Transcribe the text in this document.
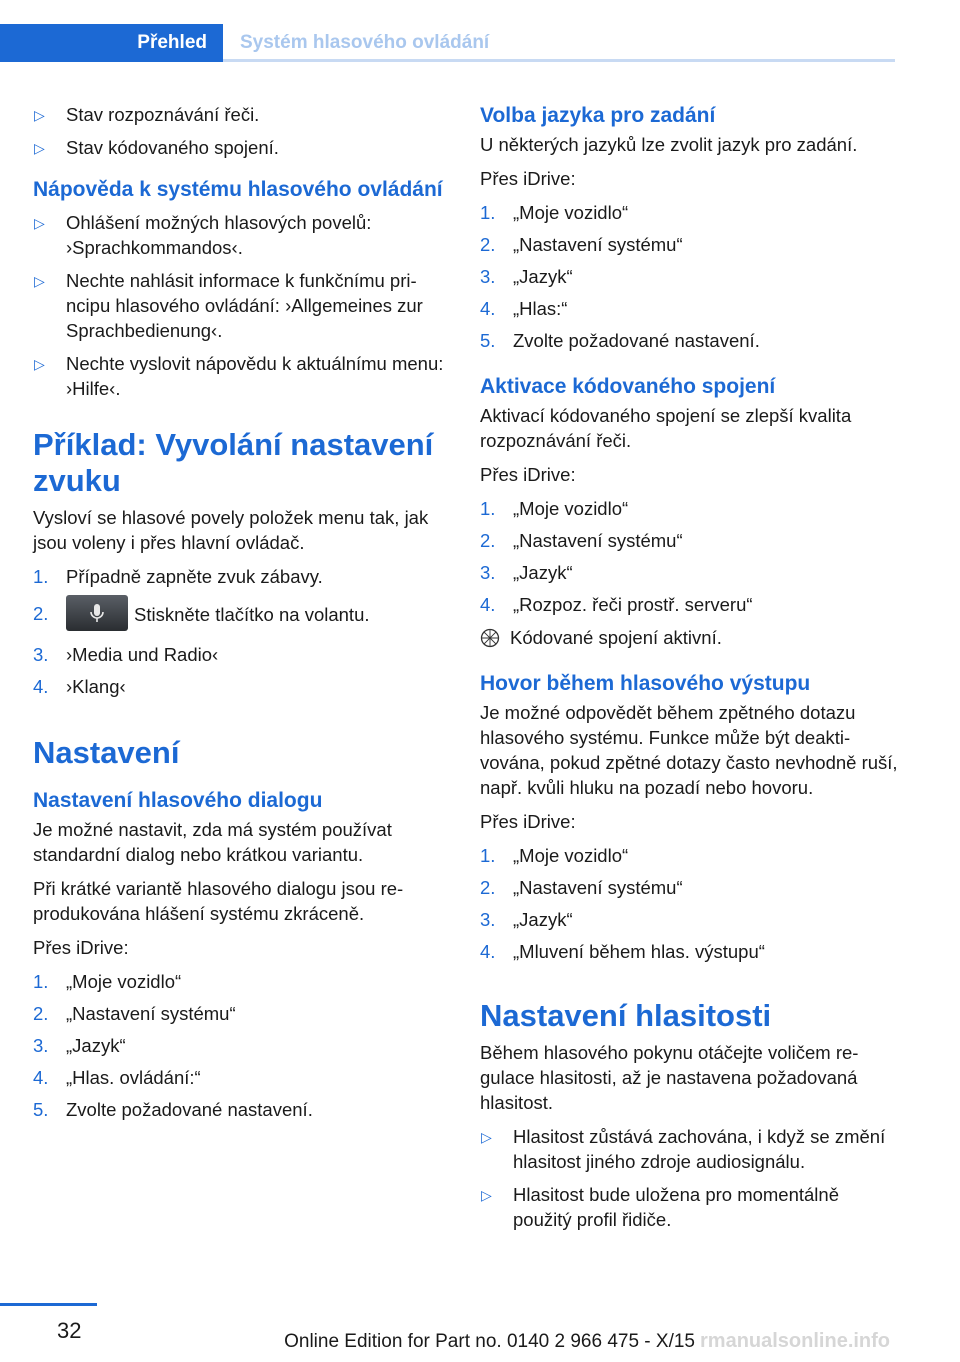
Přehled	Systém hlasového ovládání
▷ Stav rozpoznávání řeči.
▷ Stav kódovaného spojení.
Nápověda k systému hlasového ovládání
▷ Ohlášení možných hlasových povelů: ›Sprachkommandos‹.
▷ Nechte nahlásit informace k funkčnímu pri‐ncipu hlasového ovládání: ›Allgemeines zur Sprachbedienung‹.
▷ Nechte vyslovit nápovědu k aktuálnímu menu: ›Hilfe‹.
Příklad: Vyvolání nastavení zvuku

Vysloví se hlasové povely položek menu tak, jak jsou voleny i přes hlavní ovládač.

1. Případně zapněte zvuk zábavy.
2.	Stiskněte tlačítko na volantu.
3. ›Media und Radio‹
4. ›Klang‹
Nastavení
Nastavení hlasového dialogu

Je možné nastavit, zda má systém používat standardní dialog nebo krátkou variantu.

Při krátké variantě hlasového dialogu jsou re‐produkována hlášení systému zkráceně.

Přes iDrive:

1. „Moje vozidlo“
2. „Nastavení systému“
3. „Jazyk“
4. „Hlas. ovládání:“
5. Zvolte požadované nastavení.
Volba jazyka pro zadání

U některých jazyků lze zvolit jazyk pro zadání.

Přes iDrive:

1. „Moje vozidlo“
2. „Nastavení systému“
3. „Jazyk“
4. „Hlas:“
5. Zvolte požadované nastavení.
Aktivace kódovaného spojení

Aktivací kódovaného spojení se zlepší kvalita rozpoznávání řeči.

Přes iDrive:

1. „Moje vozidlo“
2. „Nastavení systému“
3. „Jazyk“
4. „Rozpoz. řeči prostř. serveru“
Kódované spojení aktivní.
Hovor během hlasového výstupu

Je možné odpovědět během zpětného dotazu hlasového systému. Funkce může být deakti‐vována, pokud zpětné dotazy často nevhodně ruší, např. kvůli hluku na pozadí nebo hovoru.

Přes iDrive:

1. „Moje vozidlo“
2. „Nastavení systému“
3. „Jazyk“
4. „Mluvení během hlas. výstupu“
Nastavení hlasitosti

Během hlasového pokynu otáčejte voličem re‐gulace hlasitosti, až je nastavena požadovaná hlasitost.

▷ Hlasitost zůstává zachována, i když se změní hlasitost jiného zdroje audiosignálu.
▷ Hlasitost bude uložena pro momentálně použitý profil řidiče.
32	Online Edition for Part no. 0140 2 966 475 - X/15 rmanualsonline.info
